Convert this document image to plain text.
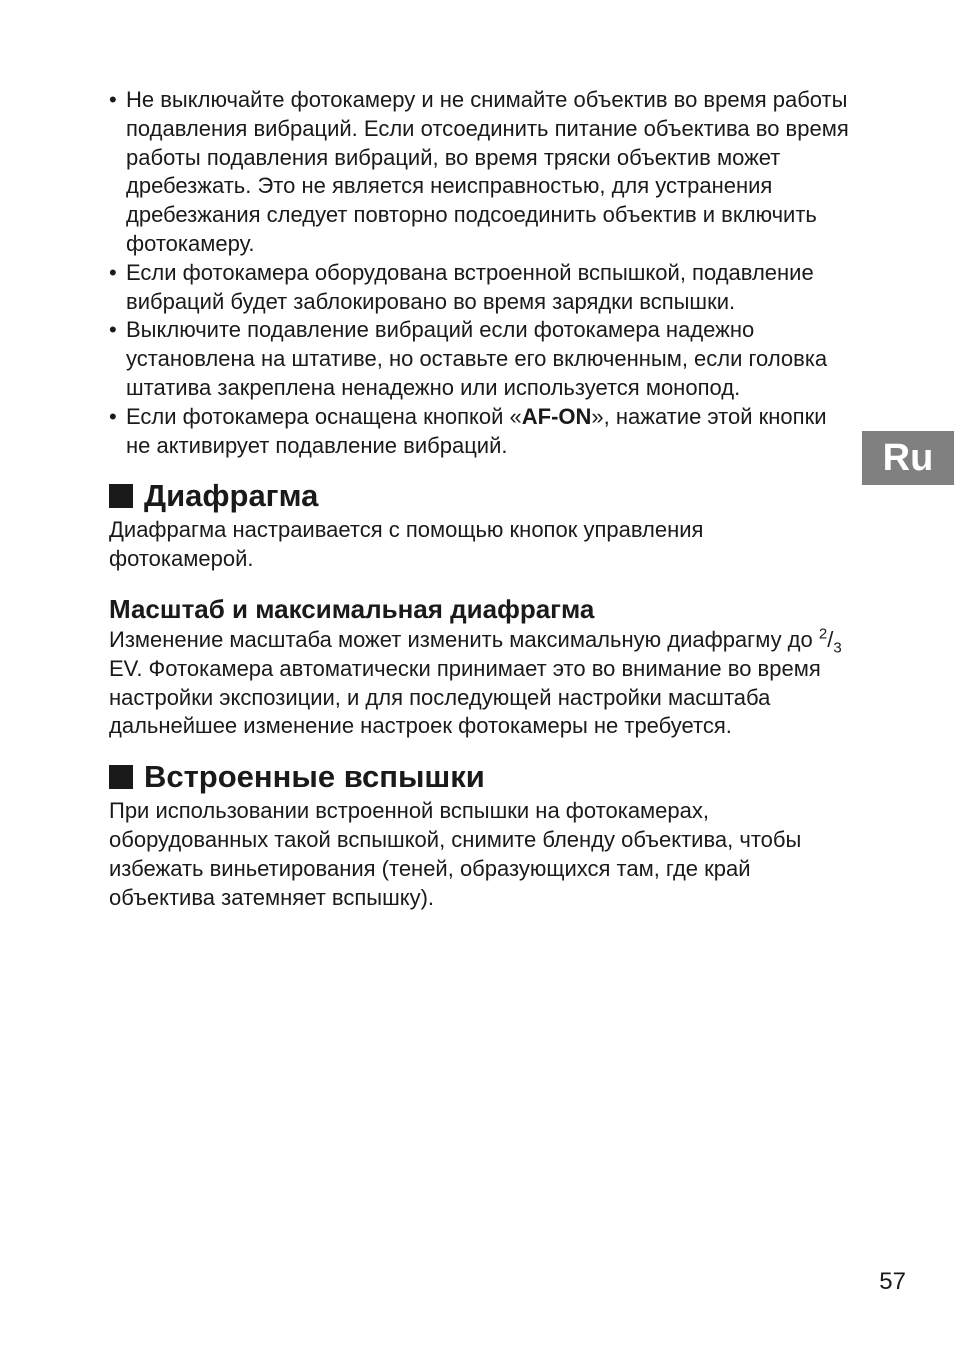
• Не выключайте фотокамеру и не снимайте объектив во время работы подавления вибраций. Если отсоединить питание объектива во время работы подавления вибраций, во время тряски объектив может дребезжать. Это не является неисправностью, для устранения дребезжания следует повторно подсоединить объектив и включить фотокамеру.
• Если фотокамера оборудована встроенной вспышкой, подавление вибраций будет заблокировано во время зарядки вспышки.
• Выключите подавление вибраций если фотокамера надежно установлена на штативе, но оставьте его включенным, если головка штатива закреплена ненадежно или используется монопод.
• Если фотокамера оснащена кнопкой «AF-ON», нажатие этой кнопки не активирует подавление вибраций.
Диафрагма

Диафрагма настраивается с помощью кнопок управления фотокамерой.

Масштаб и максимальная диафрагма

Изменение масштаба может изменить максимальную диафрагму до $^2/_3$ EV. Фотокамера автоматически принимает это во внимание во время настройки экспозиции, и для последующей настройки масштаба дальнейшее изменение настроек фотокамеры не требуется.

Встроенные вспышки

При использовании встроенной вспышки на фотокамерах, оборудованных такой вспышкой, снимите бленду объектива, чтобы избежать виньетирования (теней, образующихся там, где край объектива затемняет вспышку).

Ru
57
